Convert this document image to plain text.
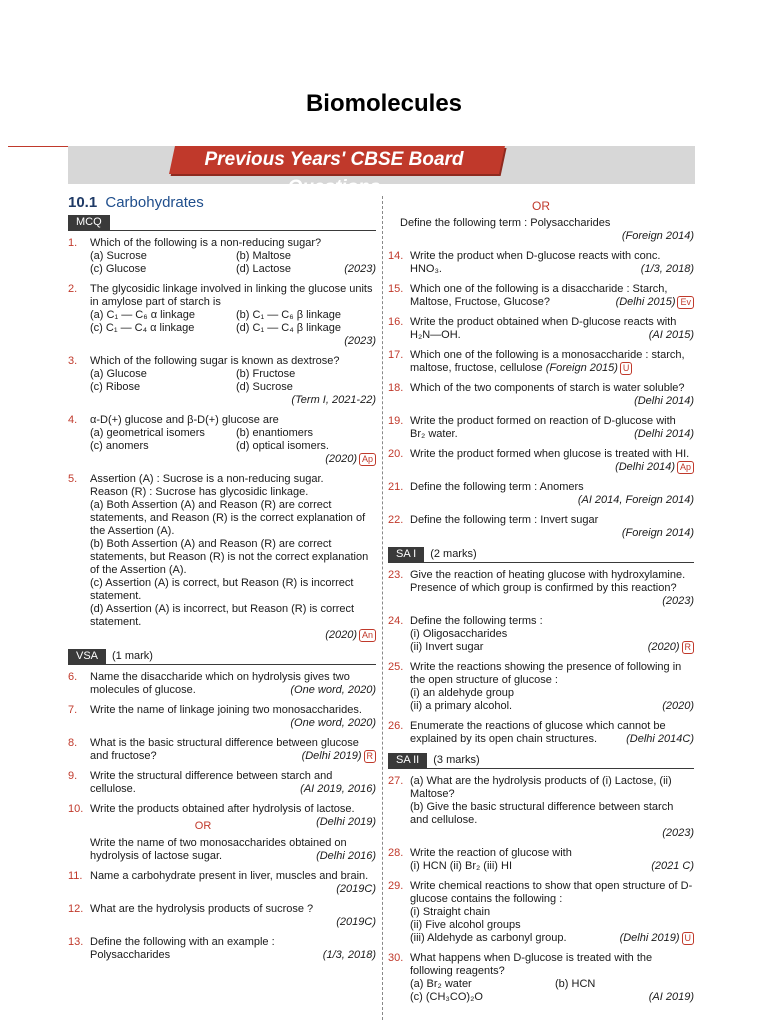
Biomolecules
Previous Years' CBSE Board Questions
10.1 Carbohydrates
MCQ
1.	Which of the following is a non-reducing sugar?
(a) Sucrose	(b) Maltose
(c) Glucose	(d) Lactose	(2023)
2.	The glycosidic linkage involved in linking the glucose units in amylose part of starch is
(a) C₁ — C₆ α linkage	(b) C₁ — C₆ β linkage
(c) C₁ — C₄ α linkage	(d) C₁ — C₄ β linkage
(2023)
3.	Which of the following sugar is known as dextrose?
(a) Glucose	(b) Fructose
(c) Ribose	(d) Sucrose
(Term I, 2021-22)
4.	α-D(+) glucose and β-D(+) glucose are
(a) geometrical isomers	(b) enantiomers
(c) anomers	(d) optical isomers.
(2020) Ap
5.	Assertion (A) : Sucrose is a non-reducing sugar.
Reason (R) : Sucrose has glycosidic linkage.
(a) Both Assertion (A) and Reason (R) are correct statements, and Reason (R) is the correct explanation of the Assertion (A).
(b) Both Assertion (A) and Reason (R) are correct statements, but Reason (R) is not the correct explanation of the Assertion (A).
(c) Assertion (A) is correct, but Reason (R) is incorrect statement.
(d) Assertion (A) is incorrect, but Reason (R) is correct statement.
(2020) An
VSA	(1 mark)
6.	Name the disaccharide which on hydrolysis gives two molecules of glucose.	(One word, 2020)
7.	Write the name of linkage joining two monosaccharides.
(One word, 2020)
8.	What is the basic structural difference between glucose and fructose?	(Delhi 2019) R
9.	Write the structural difference between starch and cellulose.	(AI 2019, 2016)
10. Write the products obtained after hydrolysis of lactose.
(Delhi 2019)
OR
Write the name of two monosaccharides obtained on hydrolysis of lactose sugar.	(Delhi 2016)
11. Name a carbohydrate present in liver, muscles and brain.
(2019C)
12. What are the hydrolysis products of sucrose ?
(2019C)
13. Define the following with an example :
Polysaccharides	(1/3, 2018)
OR
Define the following term : Polysaccharides
(Foreign 2014)
14. Write the product when D-glucose reacts with conc. HNO₃.	(1/3, 2018)
15. Which one of the following is a disaccharide : Starch, Maltose, Fructose, Glucose?	(Delhi 2015) Ev
16. Write the product obtained when D-glucose reacts with H₂N—OH.	(AI 2015)
17. Which one of the following is a monosaccharide : starch, maltose, fructose, cellulose (Foreign 2015) U
18. Which of the two components of starch is water soluble?
(Delhi 2014)
19. Write the product formed on reaction of D-glucose with Br₂ water.	(Delhi 2014)
20. Write the product formed when glucose is treated with HI.
(Delhi 2014) Ap
21. Define the following term : Anomers
(AI 2014, Foreign 2014)
22. Define the following term : Invert sugar
(Foreign 2014)
SA I	(2 marks)
23. Give the reaction of heating glucose with hydroxylamine. Presence of which group is confirmed by this reaction?
(2023)
24. Define the following terms :
(i) Oligosaccharides
(ii) Invert sugar	(2020) R
25. Write the reactions showing the presence of following in the open structure of glucose :
(i) an aldehyde group
(ii) a primary alcohol.	(2020)
26. Enumerate the reactions of glucose which cannot be explained by its open chain structures.	(Delhi 2014C)
SA II	(3 marks)
27. (a) What are the hydrolysis products of (i) Lactose, (ii) Maltose?
(b) Give the basic structural difference between starch and cellulose.
(2023)
28. Write the reaction of glucose with
(i) HCN (ii) Br₂ (iii) HI	(2021 C)
29. Write chemical reactions to show that open structure of D-glucose contains the following :
(i) Straight chain
(ii) Five alcohol groups
(iii) Aldehyde as carbonyl group.	(Delhi 2019) U
30. What happens when D-glucose is treated with the following reagents?
(a) Br₂ water	(b) HCN
(c) (CH₃CO)₂O	(AI 2019)
